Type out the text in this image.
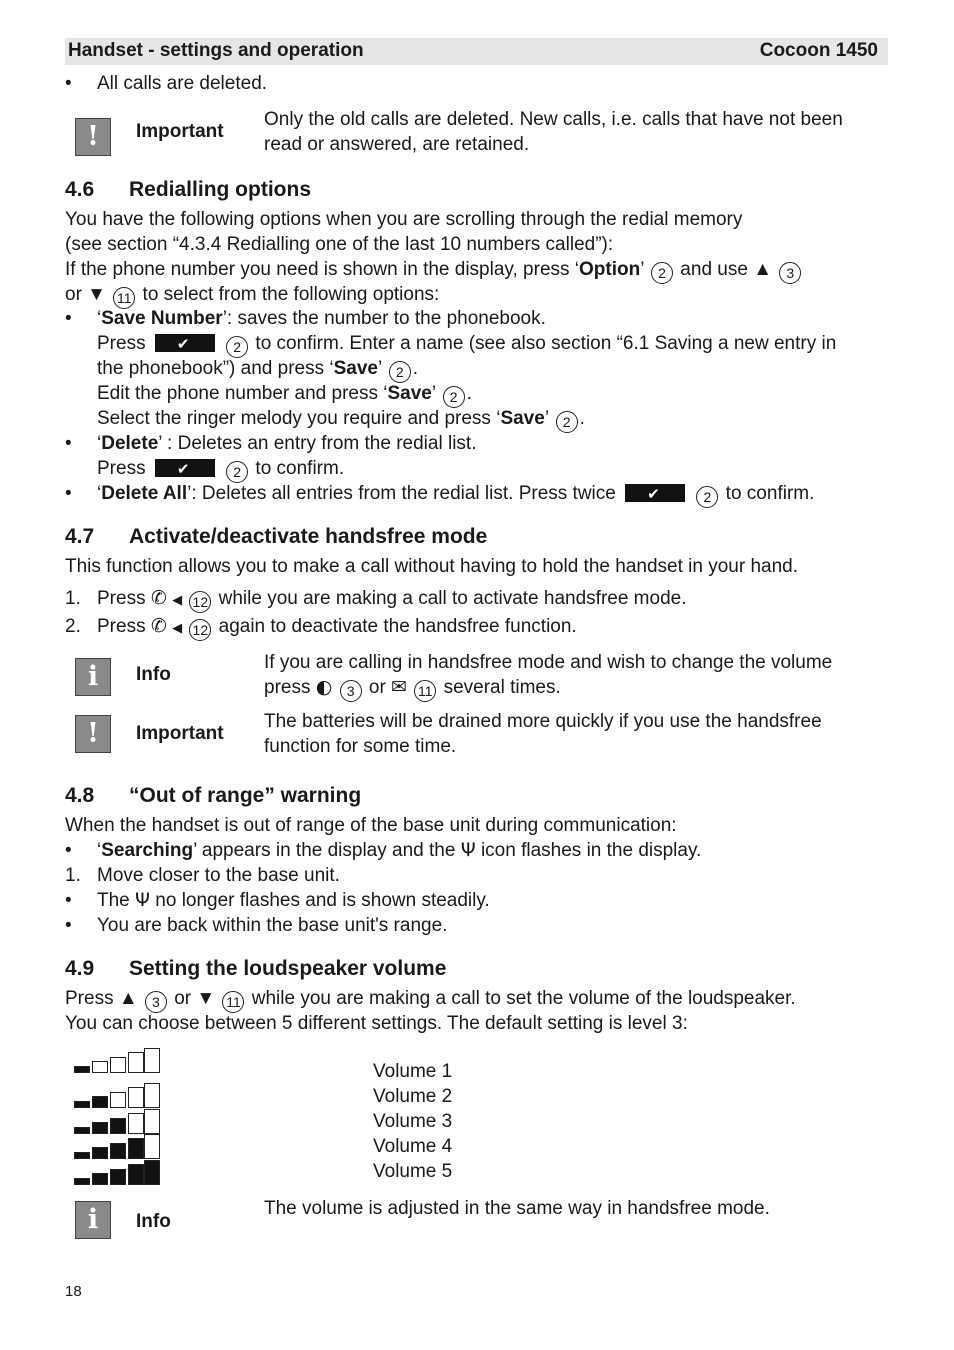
Handset - settings and operation	Cocoon 1450
• All calls are deleted.
!	Important
Only the old calls are deleted. New calls, i.e. calls that have not been
read or answered, are retained.
4.6 Redialling options
You have the following options when you are scrolling through the redial memory
(see section “4.3.4 Redialling one of the last 10 numbers called”):
If the phone number you need is shown in the display, press ‘Option’ 2 and use ▲ 3
or ▼ 11 to select from the following options:
• ‘Save Number’: saves the number to the phonebook.
Press ✔	2 to confirm. Enter a name (see also section “6.1 Saving a new entry in
the phonebook”) and press ‘Save’ 2 .
Edit the phone number and press ‘Save’ 2 .
Select the ringer melody you require and press ‘Save’ 2 .
• ‘Delete’ : Deletes an entry from the redial list.
Press ✔	2 to confirm.
• ‘Delete All’: Deletes all entries from the redial list. Press twice ✔	2 to confirm.
4.7 Activate/deactivate handsfree mode
This function allows you to make a call without having to hold the handset in your hand.
1. Press ✆ ◀ 12 while you are making a call to activate handsfree mode.
2. Press ✆ ◀ 12 again to deactivate the handsfree function.
i	Info
If you are calling in handsfree mode and wish to change the volume
press ◐ 3 or ✉ 11 several times.
!	Important
The batteries will be drained more quickly if you use the handsfree
function for some time.
4.8 “Out of range” warning
When the handset is out of range of the base unit during communication:
• ‘Searching’ appears in the display and the Ψ icon flashes in the display.
1. Move closer to the base unit.
• The Ψ no longer flashes and is shown steadily.
• You are back within the base unit's range.
4.9 Setting the loudspeaker volume
Press ▲ 3 or ▼ 11 while you are making a call to set the volume of the loudspeaker.
You can choose between 5 different settings. The default setting is level 3:
Volume 1
Volume 2
Volume 3
Volume 4
Volume 5
i	Info
The volume is adjusted in the same way in handsfree mode.
18
